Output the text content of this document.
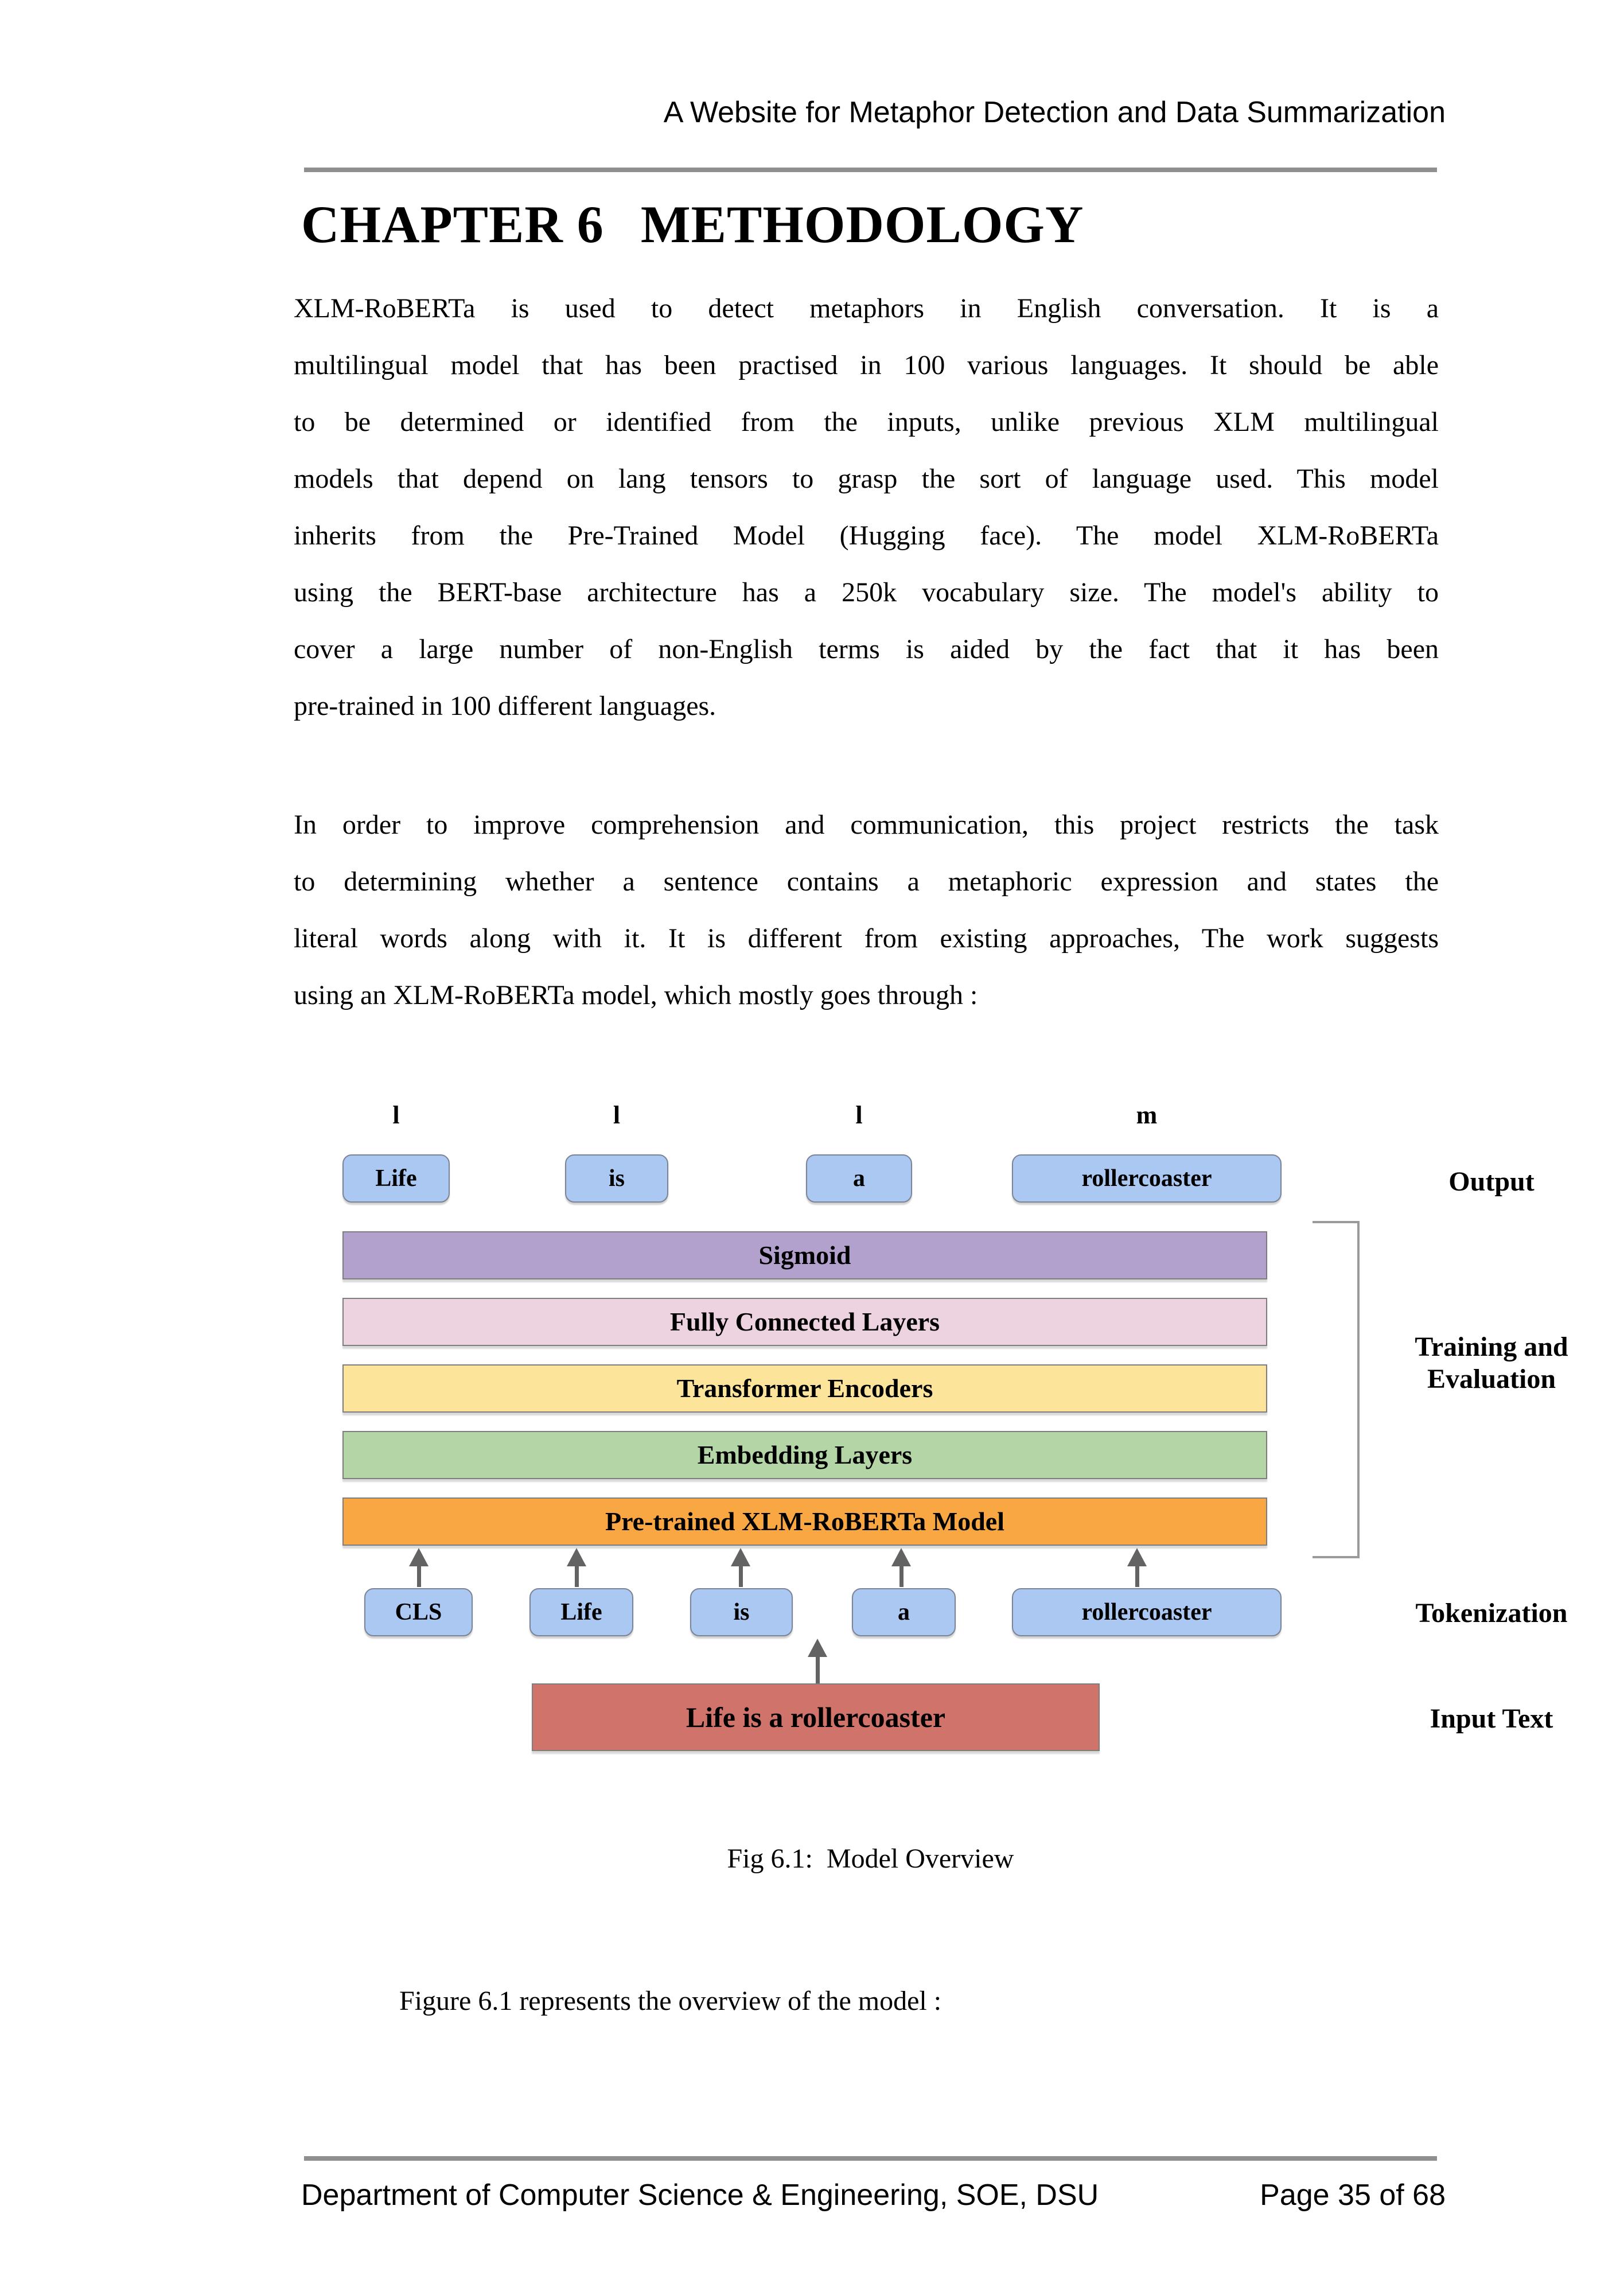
A Website for Metaphor Detection and Data Summarization
CHAPTER 6 METHODOLOGY
XLM-RoBERTa is used to detect metaphors in English conversation. It is a
multilingual model that has been practised in 100 various languages. It should be able
to be determined or identified from the inputs, unlike previous XLM multilingual
models that depend on lang tensors to grasp the sort of language used. This model
inherits from the Pre-Trained Model (Hugging face). The model XLM-RoBERTa
using the BERT-base architecture has a 250k vocabulary size. The model's ability to
cover a large number of non-English terms is aided by the fact that it has been
pre-trained in 100 different languages.
In order to improve comprehension and communication, this project restricts the task
to determining whether a sentence contains a metaphoric expression and states the
literal words along with it. It is different from existing approaches, The work suggests
using an XLM-RoBERTa model, which mostly goes through :
l	l	l	m
Life	is	a	rollercoaster	Output
Sigmoid
Fully Connected Layers
Transformer Encoders
Embedding Layers
Pre-trained XLM-RoBERTa Model
Training and
Evaluation
CLS	Life	is	a	rollercoaster	Tokenization
Life is a rollercoaster	Input Text
Fig 6.1:  Model Overview
Figure 6.1 represents the overview of the model :
Department of Computer Science & Engineering, SOE, DSU	Page 35 of 68
